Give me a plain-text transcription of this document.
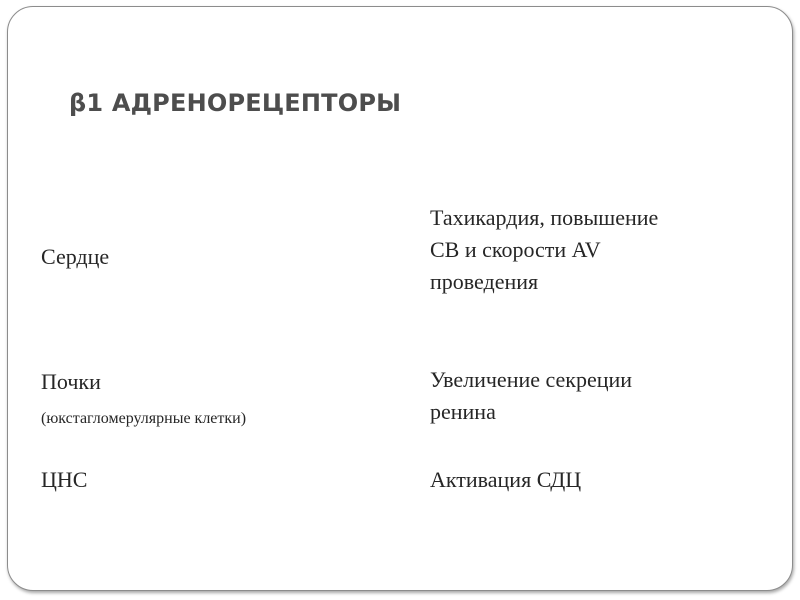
β1 АДРЕНОРЕЦЕПТОРЫ
Сердце
Тахикардия, повышение
СВ и скорости AV
проведения
Почки
(юкстагломерулярные клетки)
Увеличение секреции
ренина
ЦНС	Активация СДЦ
